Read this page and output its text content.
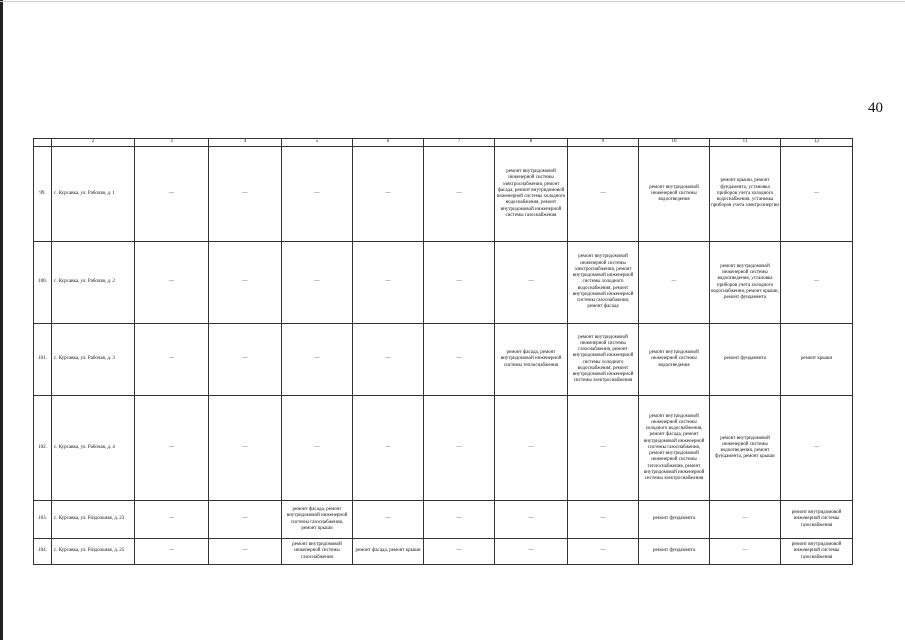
40
	2	3	4	5	6	7	8	9	10	11	12
99.	с. Курсавка, ул. Рабочая, д. 1	—	—	—	—	—	ремонт внутридомовой инженерной системы электроснабжения, ремонт фасада, ремонт внутридомовой инженерной системы холодного водоснабжения, ремонт внутридомовой инженерной системы газоснабжения	—	ремонт внутридомовой инженерной системы водоотведения	ремонт крыши, ремонт фундамента, установка приборов учета холодного водоснабжения, установка приборов учета электроэнергии	—
100.	с. Курсавка, ул. Рабочая, д. 2	—	—	—	—	—	—	ремонт внутридомовой инженерной системы электроснабжения, ремонт внутридомовой инженерной системы холодного водоснабжения, ремонт внутридомовой инженерной системы газоснабжения, ремонт фасада	—	ремонт внутридомовой инженерной системы водоотведения, установка приборов учета холодного водоснабжения, ремонт крыши, ремонт фундамента	—
101.	с. Курсавка, ул. Рабочая, д. 3	—	—	—	—	—	ремонт фасада, ремонт внутридомовой инженерной системы теплоснабжения	ремонт внутридомовой инженерной системы газоснабжения, ремонт внутридомовой инженерной системы холодного водоснабжения, ремонт внутридомовой инженерной системы электроснабжения	ремонт внутридомовой инженерной системы водоотведения	ремонт фундамента	ремонт крыши
102.	с. Курсавка, ул. Рабочая, д. 4	—	—	—	—	—	—	—	ремонт внутридомовой инженерной системы холодного водоснабжения, ремонт фасада, ремонт внутридомовой инженерной системы газоснабжения, ремонт внутридомовой инженерной системы теплоснабжения, ремонт внутридомовой инженерной системы электроснабжения	ремонт внутридомовой инженерной системы водоотведения, ремонт фундамента, ремонт крыши	—
103.	с. Курсавка, ул. Раздольная, д. 23	—	—	ремонт фасада, ремонт внутридомовой инженерной системы газоснабжения, ремонт крыши	—	—	—	—	ремонт фундамента	—	ремонт внутридомовой инженерной системы газоснабжения
104.	с. Курсавка, ул. Раздольная, д. 25	—	—	ремонт внутридомовой инженерной системы газоснабжения	ремонт фасада, ремонт крыши	—	—	—	ремонт фундамента	—	ремонт внутридомовой инженерной системы газоснабжения
